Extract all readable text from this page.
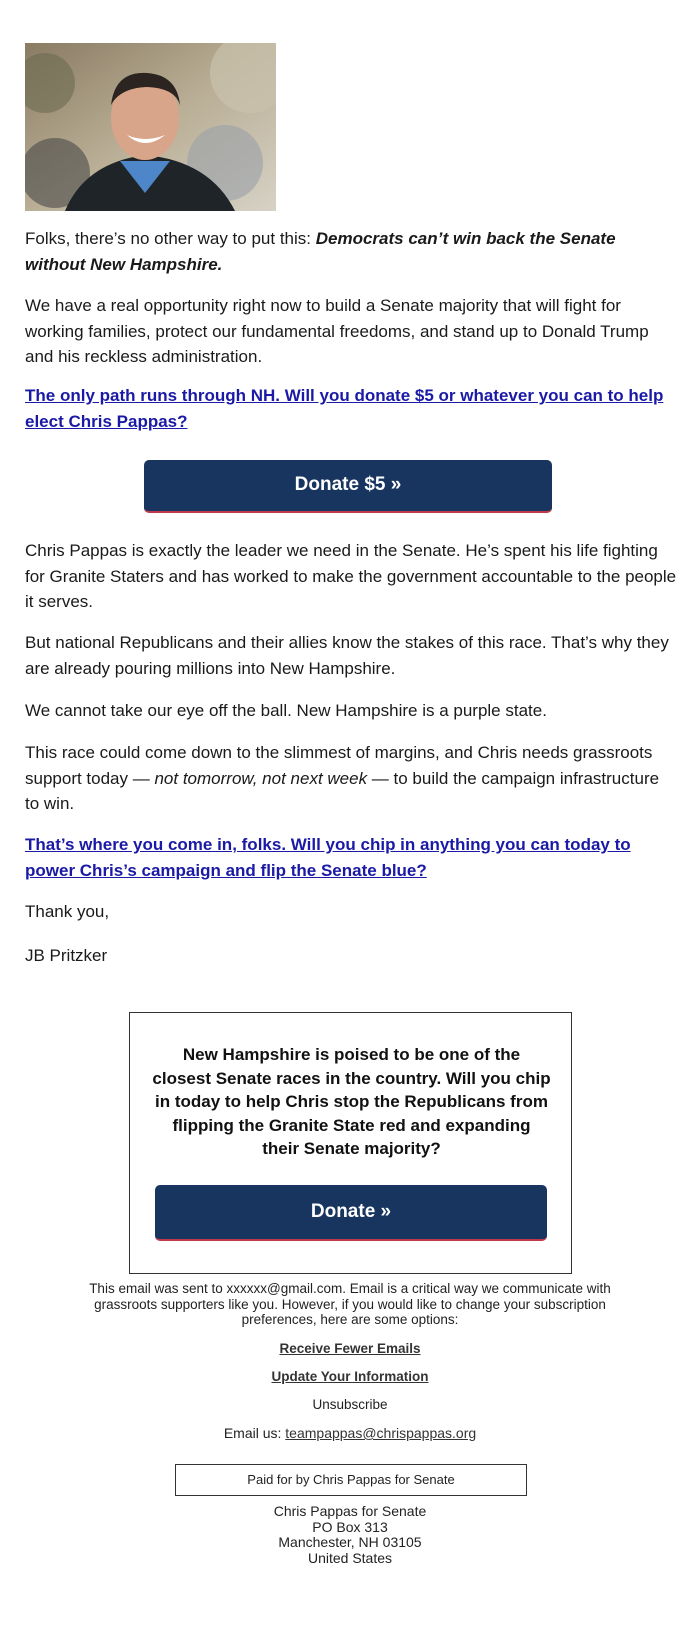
Folks, there’s no other way to put this: Democrats can’t win back the Senate without New Hampshire.

We have a real opportunity right now to build a Senate majority that will fight for working families, protect our fundamental freedoms, and stand up to Donald Trump and his reckless administration.

The only path runs through NH. Will you donate $5 or whatever you can to help elect Chris Pappas?

Donate $5 »

Chris Pappas is exactly the leader we need in the Senate. He’s spent his life fighting for Granite Staters and has worked to make the government accountable to the people it serves.

But national Republicans and their allies know the stakes of this race. That’s why they are already pouring millions into New Hampshire.

We cannot take our eye off the ball. New Hampshire is a purple state.

This race could come down to the slimmest of margins, and Chris needs grassroots support today — not tomorrow, not next week — to build the campaign infrastructure to win.

That’s where you come in, folks. Will you chip in anything you can today to power Chris’s campaign and flip the Senate blue?

Thank you,

JB Pritzker

New Hampshire is poised to be one of the closest Senate races in the country. Will you chip in today to help Chris stop the Republicans from flipping the Granite State red and expanding their Senate majority?
Donate »
This email was sent to xxxxxx@gmail.com. Email is a critical way we communicate with grassroots supporters like you. However, if you would like to change your subscription preferences, here are some options:
Receive Fewer Emails
Update Your Information
Unsubscribe
Email us: teampappas@chrispappas.org
Paid for by Chris Pappas for Senate
Chris Pappas for Senate
PO Box 313
Manchester, NH 03105
United States
